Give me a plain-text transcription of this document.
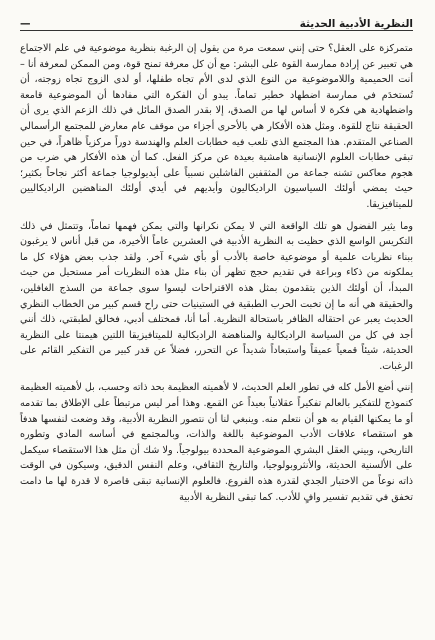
—	النظرية الأدبية الحديثة

متمركزة على العقل؟ حتى إنني سمعت مرة من يقول إن الرغبة بنظرية موضوعية في علم الاجتماع هي تعبير عن إرادة ممارسة القوة على البشر: مع أن كل معرفة تمنح قوة، ومن الممكن لمعرفة أنا – أنت الحميمية واللاموضوعية من النوع الذي لدى الأم تجاه طفلها، أو لدى الزوج تجاه زوجته، أن تُستخدَم في ممارسة اضطهاد خطير تماماً. يبدو أن الفكرة التي مفادها أن الموضوعية قامعة واضطهادية هي فكرة لا أساس لها من الصدق، إلا بقدر الصدق المائل في ذلك الزعم الذي يرى أن الحقيقة نتاج للقوة. ومثل هذه الأفكار هي بالأحرى أجزاء من موقف عام معارض للمجتمع الرأسمالي الصناعي المتقدم. هذا المجتمع الذي تلعب فيه خطابات العلم والهندسة دوراً مركزياً ظاهراً، في حين تبقى خطابات العلوم الإنسانية هامشية بعيدة عن مركز الفعل. كما أن هذه الأفكار هي ضرب من هجوم معاكس تشنه جماعة من المثقفين الفاشلين نسبياً على أيديولوجيا جماعة أكثر نجاحاً بكثير؛ حيث يمضي أولئك السياسيون الراديكاليون وأيديهم في أيدي أولئك المناهضين الراديكاليين للميتافيزيقا.

وما يثير الفضول هو تلك الواقعة التي لا يمكن نكرانها والتي يمكن فهمها تماماً، وتتمثل في ذلك التكريس الواسع الذي حظيت به النظرية الأدبية في العشرين عاماً الأخيرة، من قبل أناس لا يرغبون ببناء نظريات علمية أو موضوعية خاصة بالأدب أو بأي شيء آخر. ولقد جذب بعض هؤلاء كل ما يملكونه من ذكاء وبراعة في تقديم حجج تظهر أن بناء مثل هذه النظريات أمر مستحيل من حيث المبدأ، أن أولئك الذين يتقدمون بمثل هذه الاقتراحات ليسوا سوى جماعة من السذج الغافلين، والحقيقة هي أنه ما إن تخبت الحرب الطبقية في الستينيات حتى راح قسم كبير من الخطاب النظري الحديث يعبر عن احتقاله الظافر باستحالة النظرية. أما أنا، فمختلف أدبي، فخالق لطبقتي، ذلك أنني أجد في كل من السياسة الراديكالية والمناهضة الراديكالية للميتافيزيقا اللتين هيمنتا على النظرية الحديثة، شيئاً قمعياً عميقاً واستبعاداً شديداً عن التحرر، فضلاً عن قدر كبير من التفكير القائم على الرغبات.

إنني أضع الأمل كله في تطور العلم الحديث، لا لأهميته العظيمة بحد ذاته وحسب، بل لأهميته العظيمة كنموذج للتفكير بالعالم تفكيراً عقلانياً بعيداً عن القمع. وهذا أمر ليس مرتبطاً على الإطلاق بما تقدمه أو ما يمكنها القيام به هو أن نتعلم منه. وينبغي لنا أن نتصور النظرية الأدبية، وقد وضعت لنفسها هدفاً هو استقصاء علاقات الأدب الموضوعية باللغة والذات، وبالمجتمع في أساسه المادي وتطوره التاريخي، وبيني العقل البشري الموضوعية المحددة بيولوجياً. ولا شك أن مثل هذا الاستقصاء سيكمل على الألسنية الحديثة، والأنثروبولوجيا، والتاريخ الثقافي، وعلم النفس الدقيق، وسيكون في الوقت ذاته نوعاً من الاختبار الجدي لقدرة هذه الفروع. فالعلوم الإنسانية تبقى قاصرة لا قدرة لها ما دامت تخفق في تقديم تفسير وافٍ للأدب. كما تبقى النظرية الأدبية
